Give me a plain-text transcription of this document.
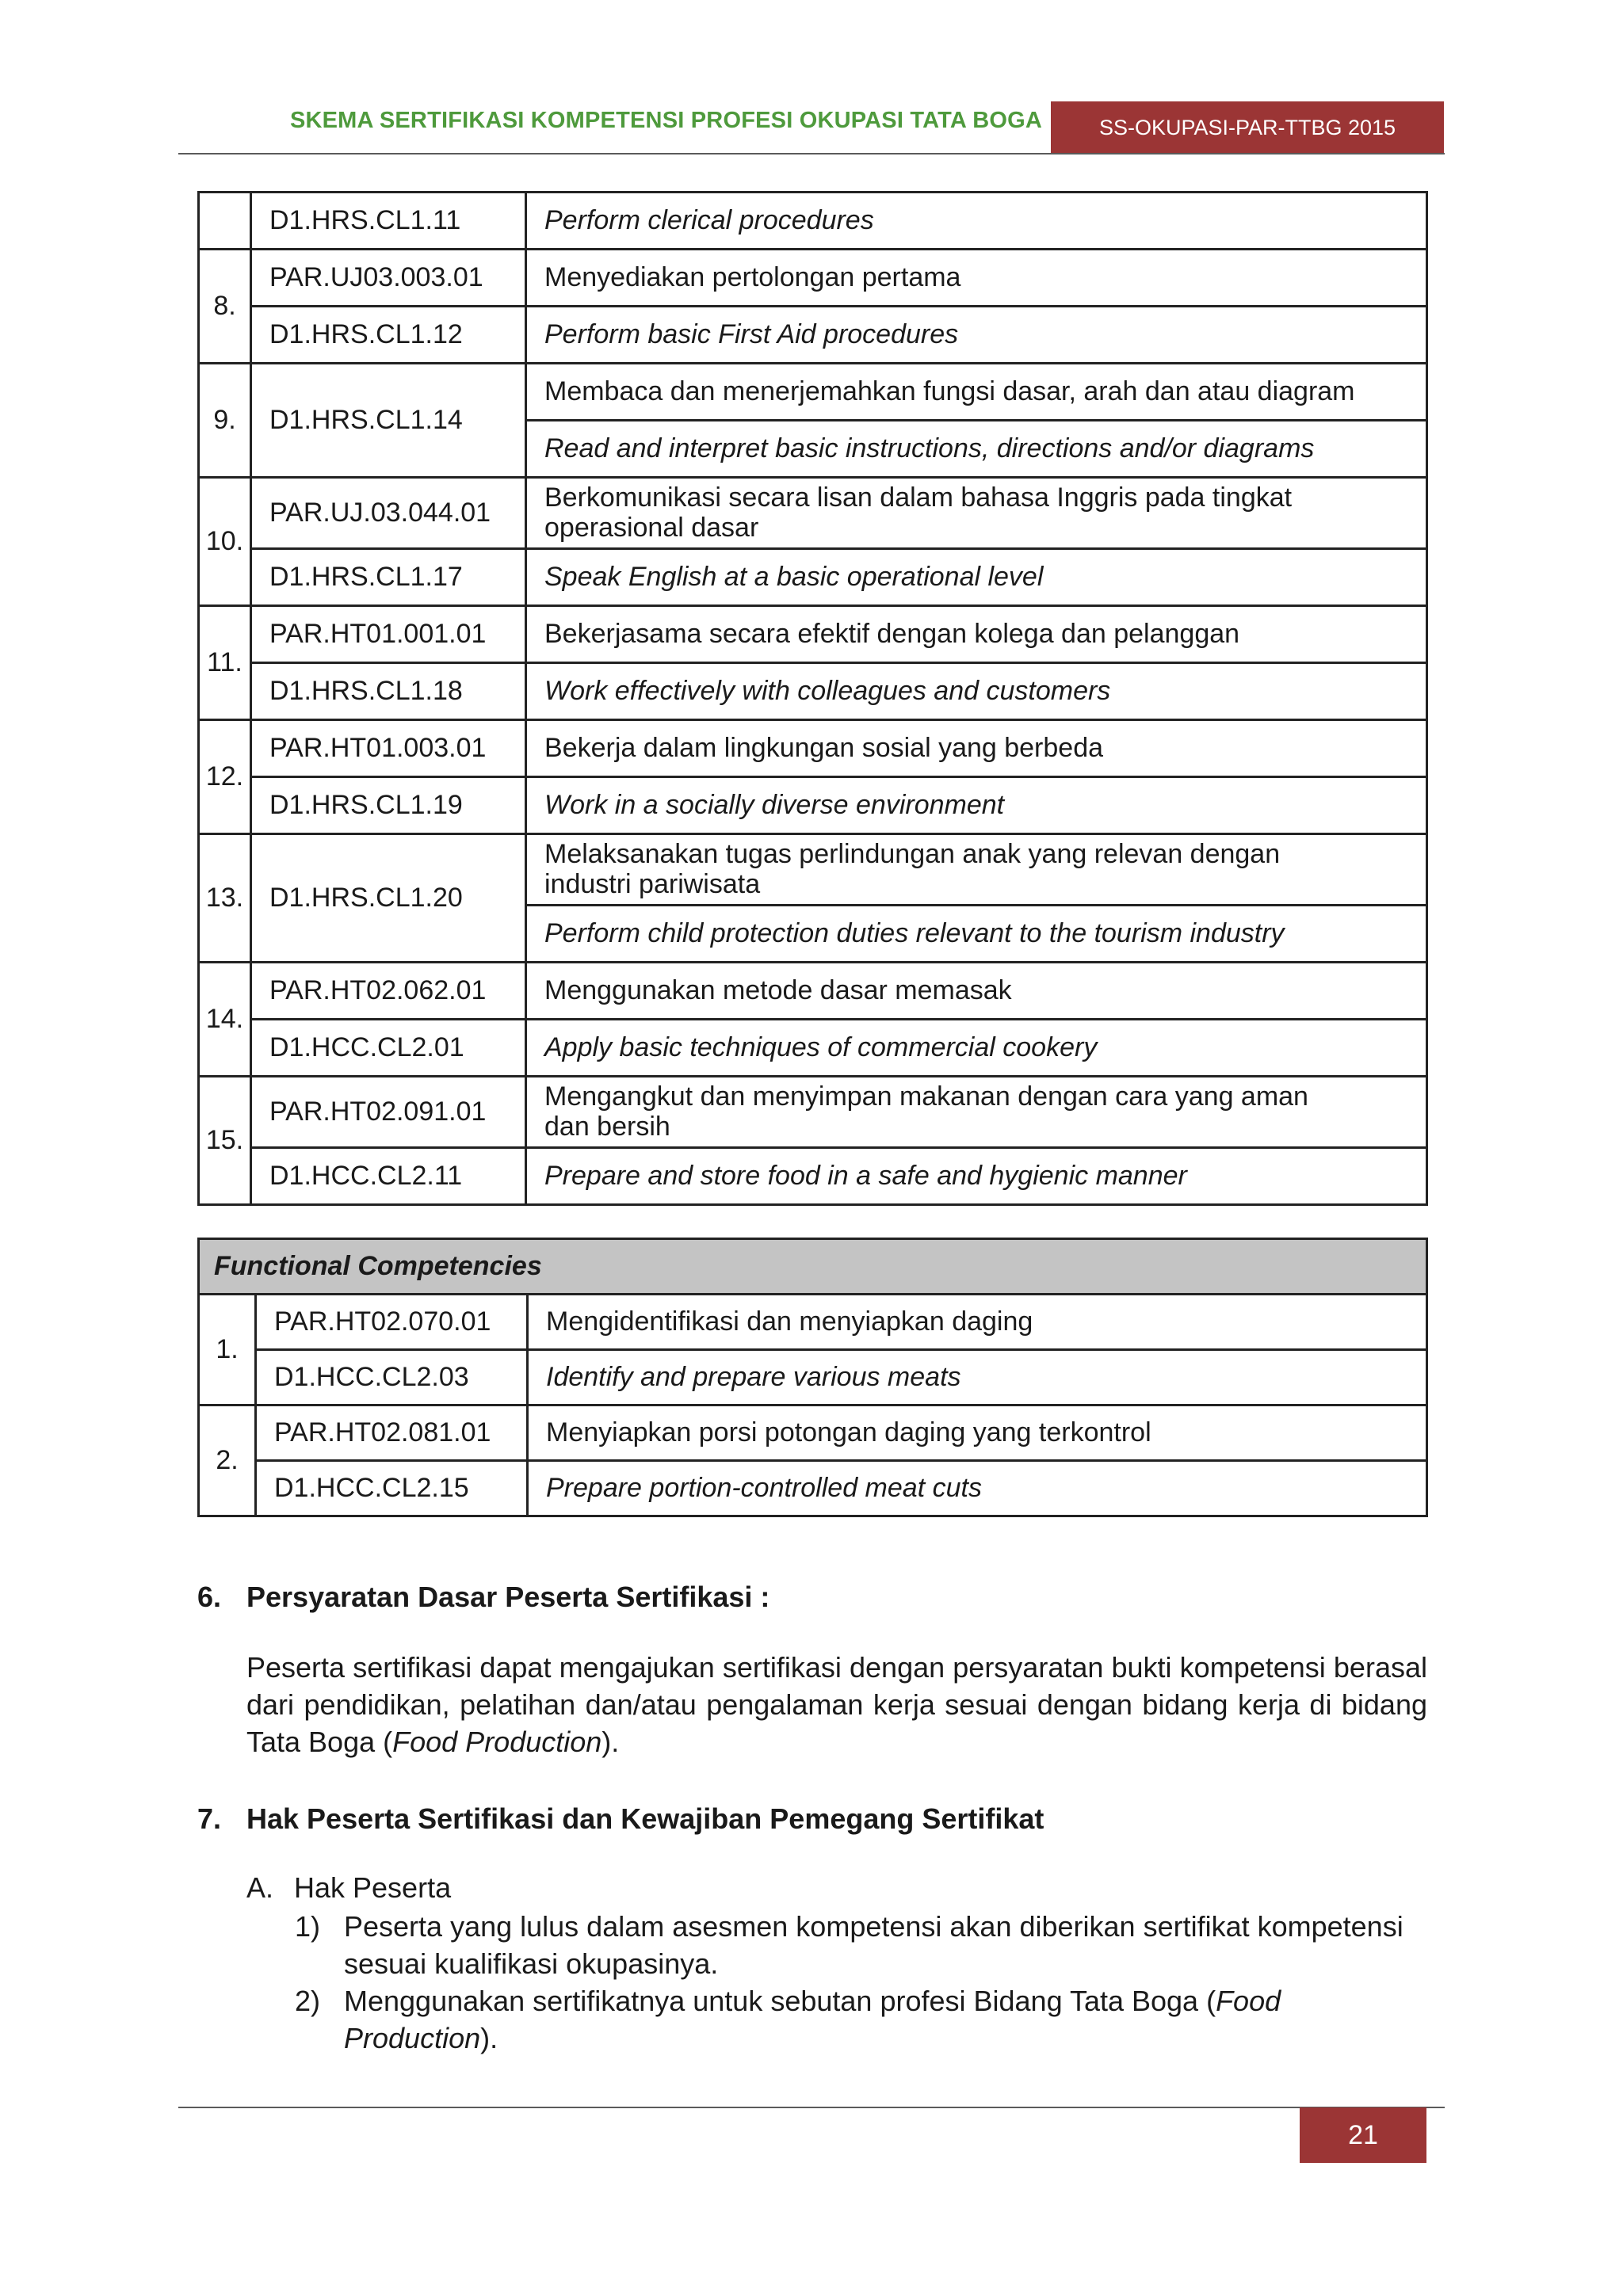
SKEMA SERTIFIKASI KOMPETENSI PROFESI OKUPASI TATA BOGA	SS-OKUPASI-PAR-TTBG 2015
	D1.HRS.CL1.11	Perform clerical procedures
8.	PAR.UJ03.003.01	Menyediakan pertolongan pertama
	D1.HRS.CL1.12	Perform basic First Aid procedures
9.	D1.HRS.CL1.14	Membaca dan menerjemahkan fungsi dasar, arah dan atau diagram
		Read and interpret basic instructions, directions and/or diagrams
10.	PAR.UJ.03.044.01	Berkomunikasi secara lisan dalam bahasa Inggris pada tingkat
operasional dasar
	D1.HRS.CL1.17	Speak English at a basic operational level
11.	PAR.HT01.001.01	Bekerjasama secara efektif dengan kolega dan pelanggan
	D1.HRS.CL1.18	Work effectively with colleagues and customers
12.	PAR.HT01.003.01	Bekerja dalam lingkungan sosial yang berbeda
	D1.HRS.CL1.19	Work in a socially diverse environment
13.	D1.HRS.CL1.20	Melaksanakan tugas perlindungan anak yang relevan dengan
industri pariwisata
		Perform child protection duties relevant to the tourism industry
14.	PAR.HT02.062.01	Menggunakan metode dasar memasak
	D1.HCC.CL2.01	Apply basic techniques of commercial cookery
15.	PAR.HT02.091.01	Mengangkut dan menyimpan makanan dengan cara yang aman
dan bersih
	D1.HCC.CL2.11	Prepare and store food in a safe and hygienic manner
Functional Competencies		
1.	PAR.HT02.070.01	Mengidentifikasi dan menyiapkan daging
	D1.HCC.CL2.03	Identify and prepare various meats
2.	PAR.HT02.081.01	Menyiapkan porsi potongan daging yang terkontrol
	D1.HCC.CL2.15	Prepare portion-controlled meat cuts
6. Persyaratan Dasar Peserta Sertifikasi :
Peserta sertifikasi dapat mengajukan sertifikasi dengan persyaratan bukti kompetensi berasal dari pendidikan, pelatihan dan/atau pengalaman kerja sesuai dengan bidang kerja di bidang Tata Boga (Food Production).
7. Hak Peserta Sertifikasi dan Kewajiban Pemegang Sertifikat
A. Hak Peserta
1) Peserta yang lulus dalam asesmen kompetensi akan diberikan sertifikat kompetensi sesuai kualifikasi okupasinya.
2) Menggunakan sertifikatnya untuk sebutan profesi Bidang Tata Boga (Food Production).
21
